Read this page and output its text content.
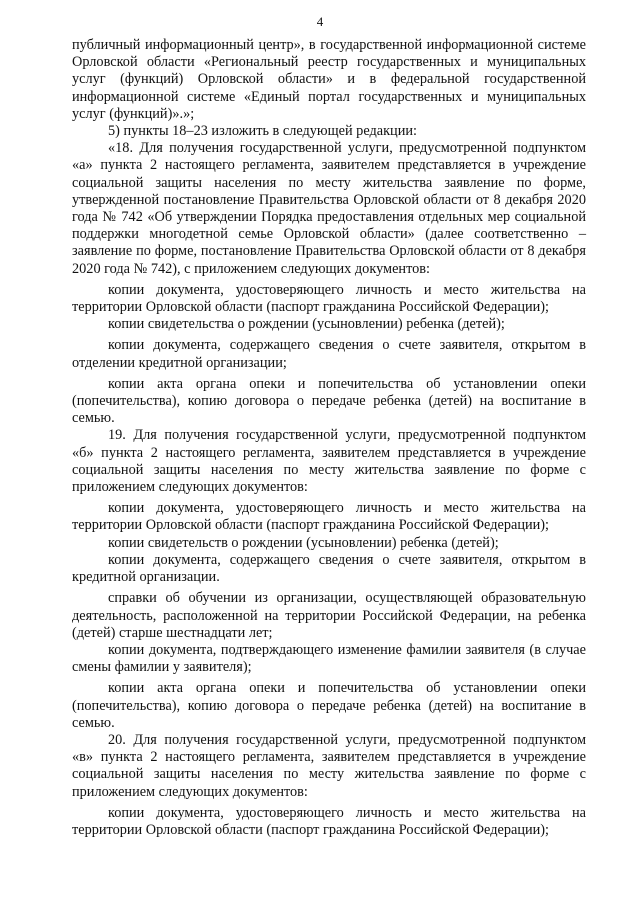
4

публичный информационный центр», в государственной информационной системе Орловской области «Региональный реестр государственных и муниципальных услуг (функций) Орловской области» и в федеральной государственной информационной системе «Единый портал государственных и муниципальных услуг (функций)».»;

5) пункты 18–23 изложить в следующей редакции:

«18. Для получения государственной услуги, предусмотренной подпунктом «а» пункта 2 настоящего регламента, заявителем представляется в учреждение социальной защиты населения по месту жительства заявление по форме, утвержденной постановление Правительства Орловской области от 8 декабря 2020 года № 742 «Об утверждении Порядка предоставления отдельных мер социальной поддержки многодетной семье Орловской области» (далее соответственно – заявление по форме, постановление Правительства Орловской области от 8 декабря 2020 года № 742), с приложением следующих документов:

копии документа, удостоверяющего личность и место жительства на территории Орловской области (паспорт гражданина Российской Федерации);

копии свидетельства о рождении (усыновлении) ребенка (детей);

копии документа, содержащего сведения о счете заявителя, открытом в отделении кредитной организации;

копии акта органа опеки и попечительства об установлении опеки (попечительства), копию договора о передаче ребенка (детей) на воспитание в семью.

19. Для получения государственной услуги, предусмотренной подпунктом «б» пункта 2 настоящего регламента, заявителем представляется в учреждение социальной защиты населения по месту жительства заявление по форме с приложением следующих документов:

копии документа, удостоверяющего личность и место жительства на территории Орловской области (паспорт гражданина Российской Федерации);

копии свидетельств о рождении (усыновлении) ребенка (детей);

копии документа, содержащего сведения о счете заявителя, открытом в кредитной организации.

справки об обучении из организации, осуществляющей образовательную деятельность, расположенной на территории Российской Федерации, на ребенка (детей) старше шестнадцати лет;

копии документа, подтверждающего изменение фамилии заявителя (в случае смены фамилии у заявителя);

копии акта органа опеки и попечительства об установлении опеки (попечительства), копию договора о передаче ребенка (детей) на воспитание в семью.

20. Для получения государственной услуги, предусмотренной подпунктом «в» пункта 2 настоящего регламента, заявителем представляется в учреждение социальной защиты населения по месту жительства заявление по форме с приложением следующих документов:

копии документа, удостоверяющего личность и место жительства на территории Орловской области (паспорт гражданина Российской Федерации);
